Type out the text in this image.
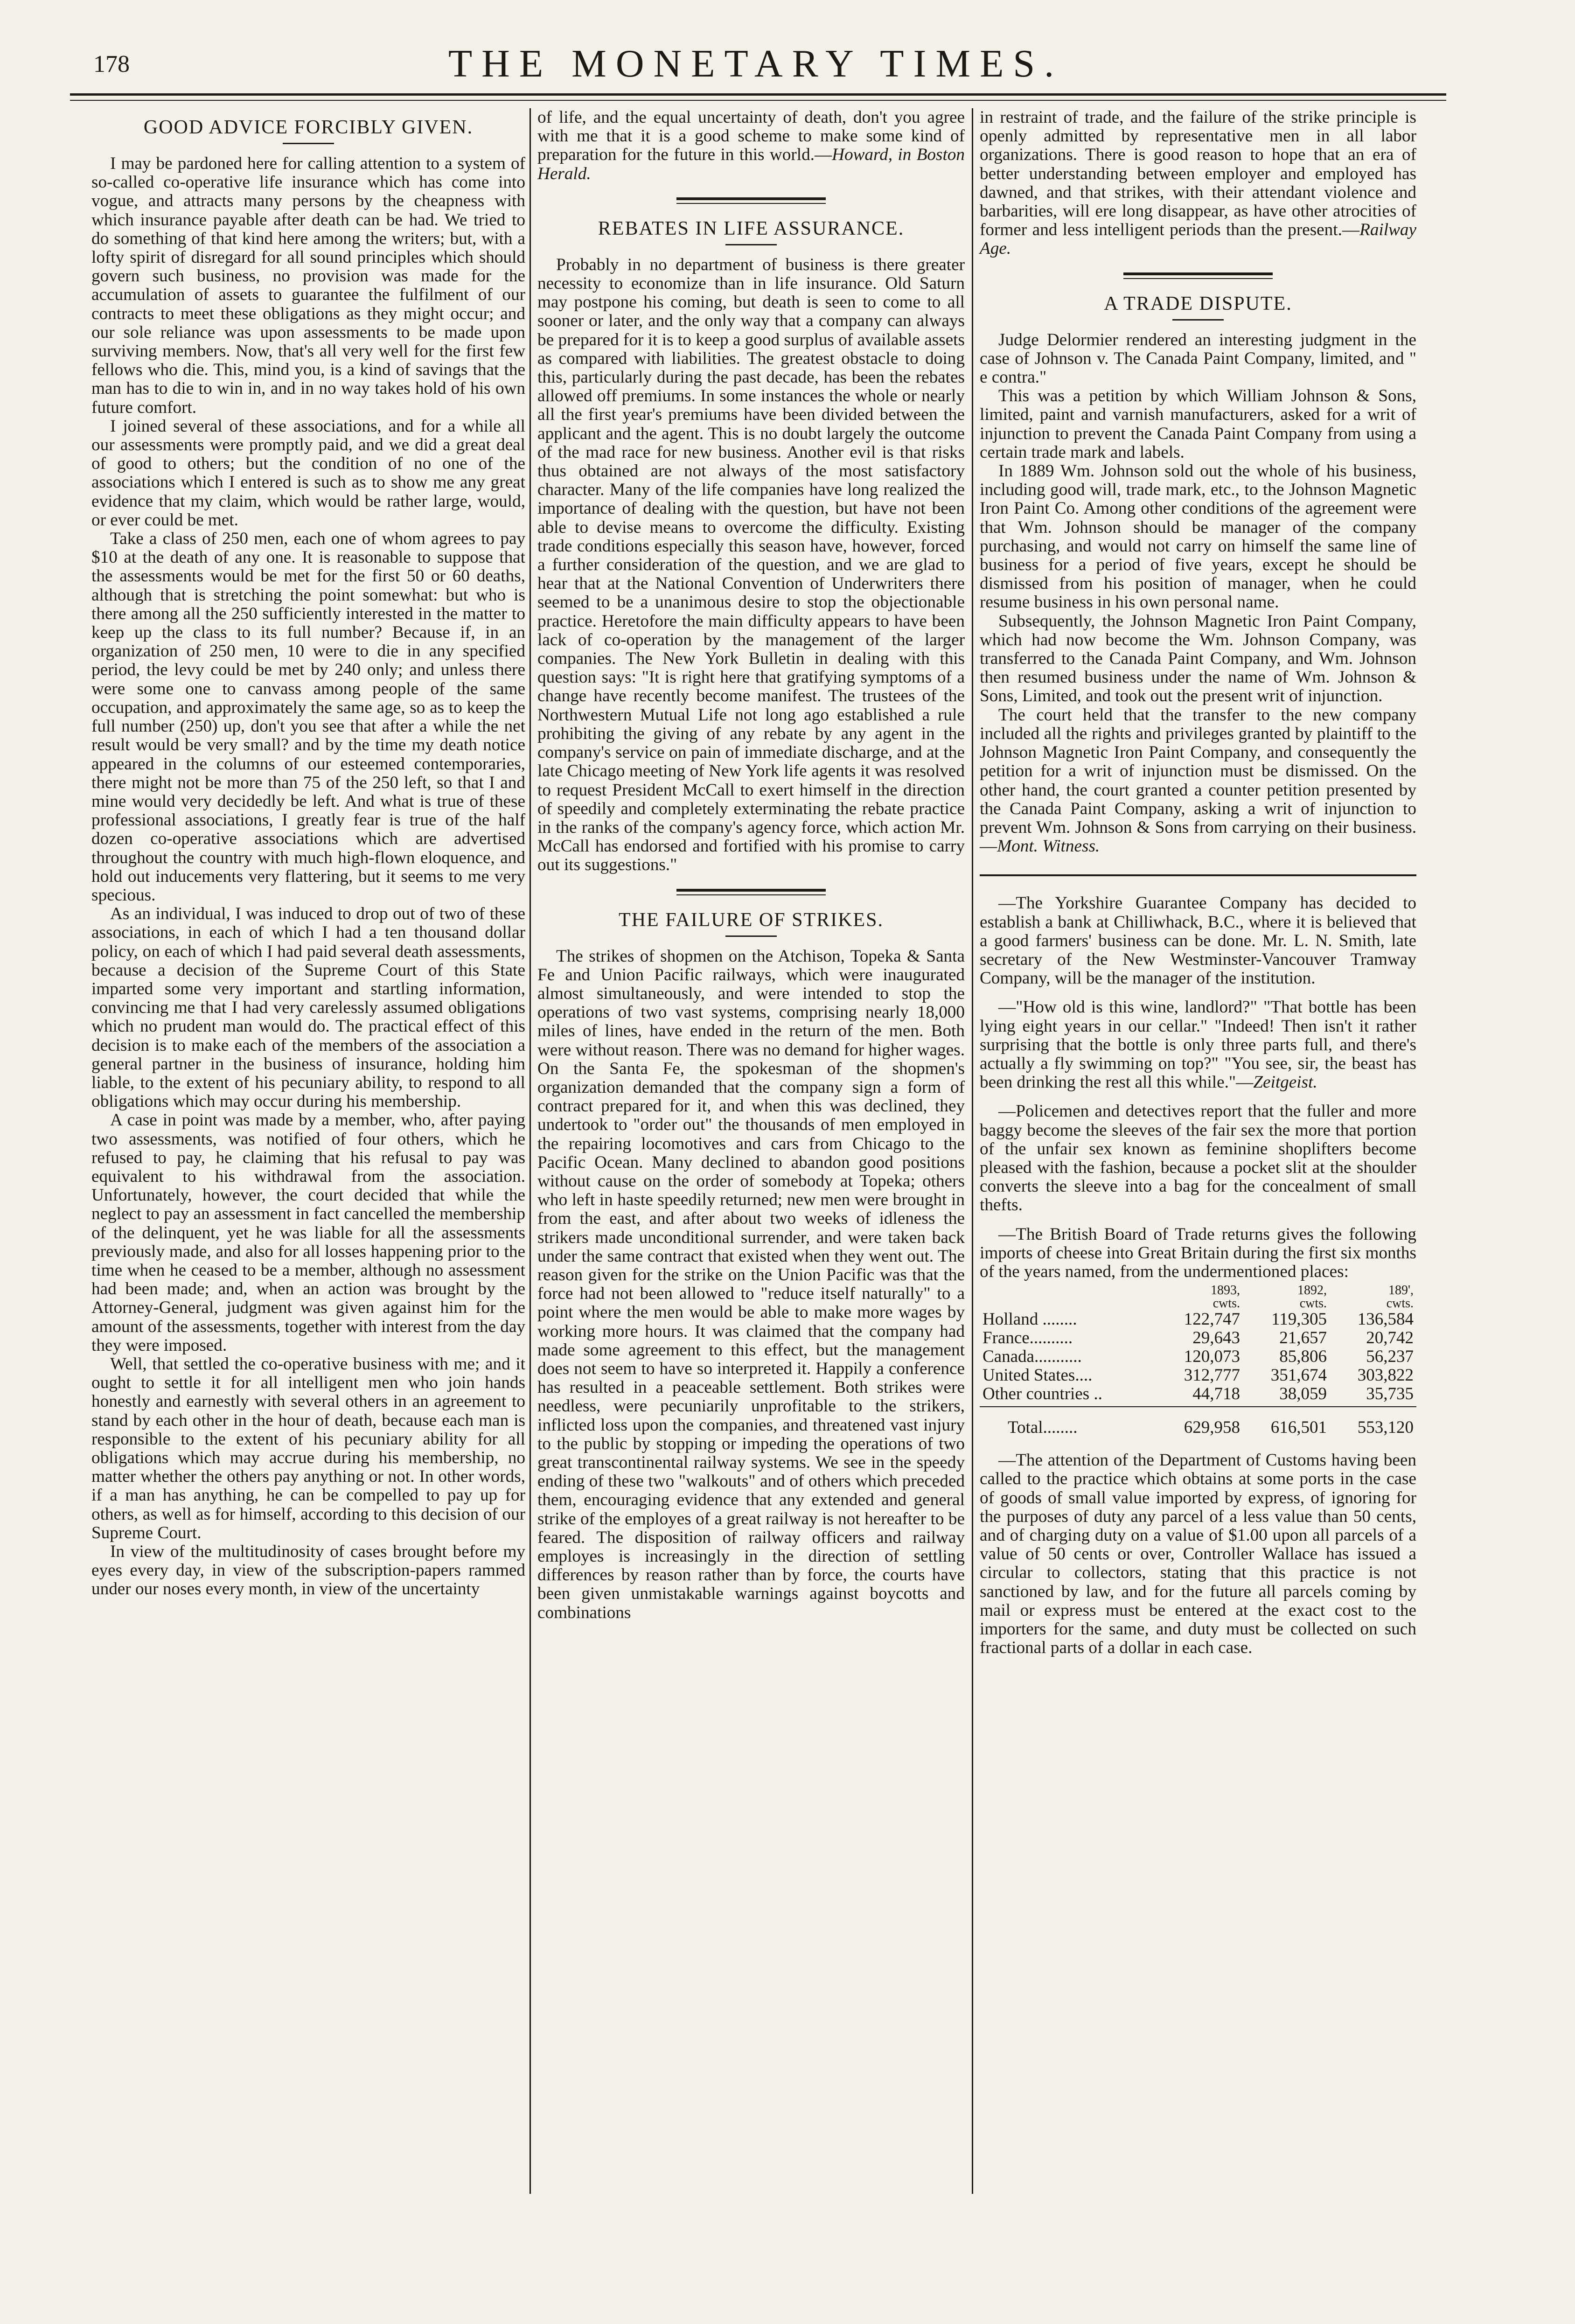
178	THE MONETARY TIMES.
GOOD ADVICE FORCIBLY GIVEN.

I may be pardoned here for calling attention to a system of so-called co-operative life insurance which has come into vogue, and attracts many persons by the cheapness with which insurance payable after death can be had. We tried to do something of that kind here among the writers; but, with a lofty spirit of disregard for all sound principles which should govern such business, no provision was made for the accumulation of assets to guarantee the fulfilment of our contracts to meet these obligations as they might occur; and our sole reliance was upon assessments to be made upon surviving members. Now, that's all very well for the first few fellows who die. This, mind you, is a kind of savings that the man has to die to win in, and in no way takes hold of his own future comfort.

I joined several of these associations, and for a while all our assessments were promptly paid, and we did a great deal of good to others; but the condition of no one of the associations which I entered is such as to show me any great evidence that my claim, which would be rather large, would, or ever could be met.

Take a class of 250 men, each one of whom agrees to pay $10 at the death of any one. It is reasonable to suppose that the assessments would be met for the first 50 or 60 deaths, although that is stretching the point somewhat: but who is there among all the 250 sufficiently interested in the matter to keep up the class to its full number? Because if, in an organization of 250 men, 10 were to die in any specified period, the levy could be met by 240 only; and unless there were some one to canvass among people of the same occupation, and approximately the same age, so as to keep the full number (250) up, don't you see that after a while the net result would be very small? and by the time my death notice appeared in the columns of our esteemed contemporaries, there might not be more than 75 of the 250 left, so that I and mine would very decidedly be left. And what is true of these professional associations, I greatly fear is true of the half dozen co-operative associations which are advertised throughout the country with much high-flown eloquence, and hold out inducements very flattering, but it seems to me very specious.

As an individual, I was induced to drop out of two of these associations, in each of which I had a ten thousand dollar policy, on each of which I had paid several death assessments, because a decision of the Supreme Court of this State imparted some very important and startling information, convincing me that I had very carelessly assumed obligations which no prudent man would do. The practical effect of this decision is to make each of the members of the association a general partner in the business of insurance, holding him liable, to the extent of his pecuniary ability, to respond to all obligations which may occur during his membership.

A case in point was made by a member, who, after paying two assessments, was notified of four others, which he refused to pay, he claiming that his refusal to pay was equivalent to his withdrawal from the association. Unfortunately, however, the court decided that while the neglect to pay an assessment in fact cancelled the membership of the delinquent, yet he was liable for all the assessments previously made, and also for all losses happening prior to the time when he ceased to be a member, although no assessment had been made; and, when an action was brought by the Attorney-General, judgment was given against him for the amount of the assessments, together with interest from the day they were imposed.

Well, that settled the co-operative business with me; and it ought to settle it for all intelligent men who join hands honestly and earnestly with several others in an agreement to stand by each other in the hour of death, because each man is responsible to the extent of his pecuniary ability for all obligations which may accrue during his membership, no matter whether the others pay anything or not. In other words, if a man has anything, he can be compelled to pay up for others, as well as for himself, according to this decision of our Supreme Court.

In view of the multitudinosity of cases brought before my eyes every day, in view of the subscription-papers rammed under our noses every month, in view of the uncertainty

of life, and the equal uncertainty of death, don't you agree with me that it is a good scheme to make some kind of preparation for the future in this world.—Howard, in Boston Herald.

REBATES IN LIFE ASSURANCE.

Probably in no department of business is there greater necessity to economize than in life insurance. Old Saturn may postpone his coming, but death is seen to come to all sooner or later, and the only way that a company can always be prepared for it is to keep a good surplus of available assets as compared with liabilities. The greatest obstacle to doing this, particularly during the past decade, has been the rebates allowed off premiums. In some instances the whole or nearly all the first year's premiums have been divided between the applicant and the agent. This is no doubt largely the outcome of the mad race for new business. Another evil is that risks thus obtained are not always of the most satisfactory character. Many of the life companies have long realized the importance of dealing with the question, but have not been able to devise means to overcome the difficulty. Existing trade conditions especially this season have, however, forced a further consideration of the question, and we are glad to hear that at the National Convention of Underwriters there seemed to be a unanimous desire to stop the objectionable practice. Heretofore the main difficulty appears to have been lack of co-operation by the management of the larger companies. The New York Bulletin in dealing with this question says: "It is right here that gratifying symptoms of a change have recently become manifest. The trustees of the Northwestern Mutual Life not long ago established a rule prohibiting the giving of any rebate by any agent in the company's service on pain of immediate discharge, and at the late Chicago meeting of New York life agents it was resolved to request President McCall to exert himself in the direction of speedily and completely exterminating the rebate practice in the ranks of the company's agency force, which action Mr. McCall has endorsed and fortified with his promise to carry out its suggestions."

THE FAILURE OF STRIKES.

The strikes of shopmen on the Atchison, Topeka & Santa Fe and Union Pacific railways, which were inaugurated almost simultaneously, and were intended to stop the operations of two vast systems, comprising nearly 18,000 miles of lines, have ended in the return of the men. Both were without reason. There was no demand for higher wages. On the Santa Fe, the spokesman of the shopmen's organization demanded that the company sign a form of contract prepared for it, and when this was declined, they undertook to "order out" the thousands of men employed in the repairing locomotives and cars from Chicago to the Pacific Ocean. Many declined to abandon good positions without cause on the order of somebody at Topeka; others who left in haste speedily returned; new men were brought in from the east, and after about two weeks of idleness the strikers made unconditional surrender, and were taken back under the same contract that existed when they went out. The reason given for the strike on the Union Pacific was that the force had not been allowed to "reduce itself naturally" to a point where the men would be able to make more wages by working more hours. It was claimed that the company had made some agreement to this effect, but the management does not seem to have so interpreted it. Happily a conference has resulted in a peaceable settlement. Both strikes were needless, were pecuniarily unprofitable to the strikers, inflicted loss upon the companies, and threatened vast injury to the public by stopping or impeding the operations of two great transcontinental railway systems. We see in the speedy ending of these two "walkouts" and of others which preceded them, encouraging evidence that any extended and general strike of the employes of a great railway is not hereafter to be feared. The disposition of railway officers and railway employes is increasingly in the direction of settling differences by reason rather than by force, the courts have been given unmistakable warnings against boycotts and combinations

in restraint of trade, and the failure of the strike principle is openly admitted by representative men in all labor organizations. There is good reason to hope that an era of better understanding between employer and employed has dawned, and that strikes, with their attendant violence and barbarities, will ere long disappear, as have other atrocities of former and less intelligent periods than the present.—Railway Age.

A TRADE DISPUTE.

Judge Delormier rendered an interesting judgment in the case of Johnson v. The Canada Paint Company, limited, and " e contra."

This was a petition by which William Johnson & Sons, limited, paint and varnish manufacturers, asked for a writ of injunction to prevent the Canada Paint Company from using a certain trade mark and labels.

In 1889 Wm. Johnson sold out the whole of his business, including good will, trade mark, etc., to the Johnson Magnetic Iron Paint Co. Among other conditions of the agreement were that Wm. Johnson should be manager of the company purchasing, and would not carry on himself the same line of business for a period of five years, except he should be dismissed from his position of manager, when he could resume business in his own personal name.

Subsequently, the Johnson Magnetic Iron Paint Company, which had now become the Wm. Johnson Company, was transferred to the Canada Paint Company, and Wm. Johnson then resumed business under the name of Wm. Johnson & Sons, Limited, and took out the present writ of injunction.

The court held that the transfer to the new company included all the rights and privileges granted by plaintiff to the Johnson Magnetic Iron Paint Company, and consequently the petition for a writ of injunction must be dismissed. On the other hand, the court granted a counter petition presented by the Canada Paint Company, asking a writ of injunction to prevent Wm. Johnson & Sons from carrying on their business.—Mont. Witness.

—The Yorkshire Guarantee Company has decided to establish a bank at Chilliwhack, B.C., where it is believed that a good farmers' business can be done. Mr. L. N. Smith, late secretary of the New Westminster-Vancouver Tramway Company, will be the manager of the institution.

—"How old is this wine, landlord?" "That bottle has been lying eight years in our cellar." "Indeed! Then isn't it rather surprising that the bottle is only three parts full, and there's actually a fly swimming on top?" "You see, sir, the beast has been drinking the rest all this while."—Zeitgeist.

—Policemen and detectives report that the fuller and more baggy become the sleeves of the fair sex the more that portion of the unfair sex known as feminine shoplifters become pleased with the fashion, because a pocket slit at the shoulder converts the sleeve into a bag for the concealment of small thefts.

—The British Board of Trade returns gives the following imports of cheese into Great Britain during the first six months of the years named, from the undermentioned places:

	1893,	1892,	189',
	cwts.	cwts.	cwts.
Holland ........	122,747	119,305	136,584
France..........	29,643	21,657	20,742
Canada...........	120,073	85,806	56,237
United States....	312,777	351,674	303,822
Other countries ..	44,718	38,059	35,735

Total........	629,958	616,501	553,120

—The attention of the Department of Customs having been called to the practice which obtains at some ports in the case of goods of small value imported by express, of ignoring for the purposes of duty any parcel of a less value than 50 cents, and of charging duty on a value of $1.00 upon all parcels of a value of 50 cents or over, Controller Wallace has issued a circular to collectors, stating that this practice is not sanctioned by law, and for the future all parcels coming by mail or express must be entered at the exact cost to the importers for the same, and duty must be collected on such fractional parts of a dollar in each case.
